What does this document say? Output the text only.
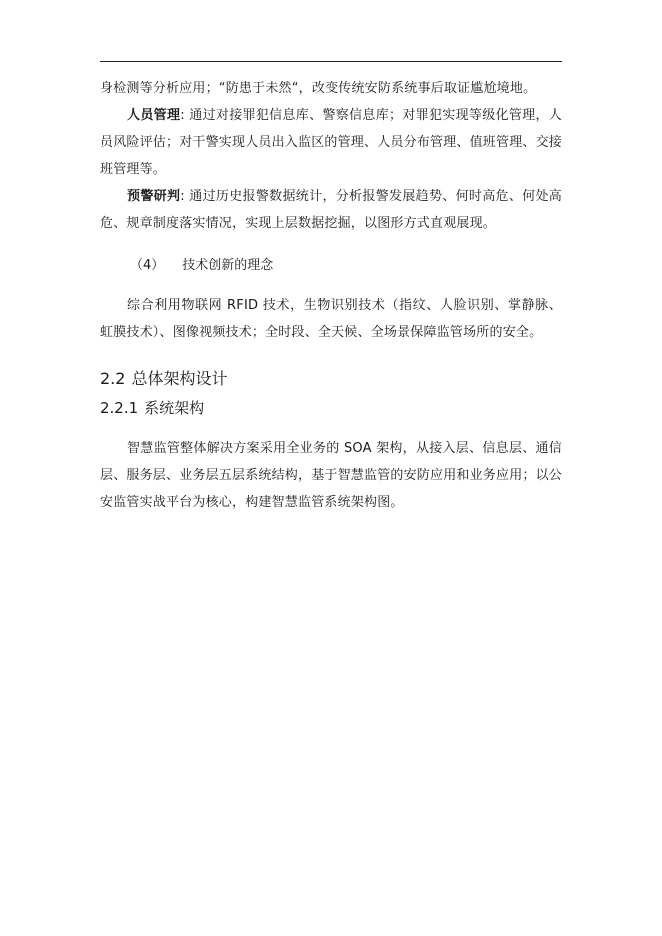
身检测等分析应用；“防患于未然“，改变传统安防系统事后取证尴尬境地。

人员管理: 通过对接罪犯信息库、警察信息库；对罪犯实现等级化管理，人员风险评估；对干警实现人员出入监区的管理、人员分布管理、值班管理、交接班管理等。

预警研判: 通过历史报警数据统计，分析报警发展趋势、何时高危、何处高危、规章制度落实情况，实现上层数据挖掘，以图形方式直观展现。

（4） 技术创新的理念

综合利用物联网 RFID 技术，生物识别技术（指纹、人脸识别、掌静脉、虹膜技术）、图像视频技术；全时段、全天候、全场景保障监管场所的安全。

2.2 总体架构设计
2.2.1 系统架构

智慧监管整体解决方案采用全业务的 SOA 架构，从接入层、信息层、通信层、服务层、业务层五层系统结构，基于智慧监管的安防应用和业务应用；以公安监管实战平台为核心，构建智慧监管系统架构图。
